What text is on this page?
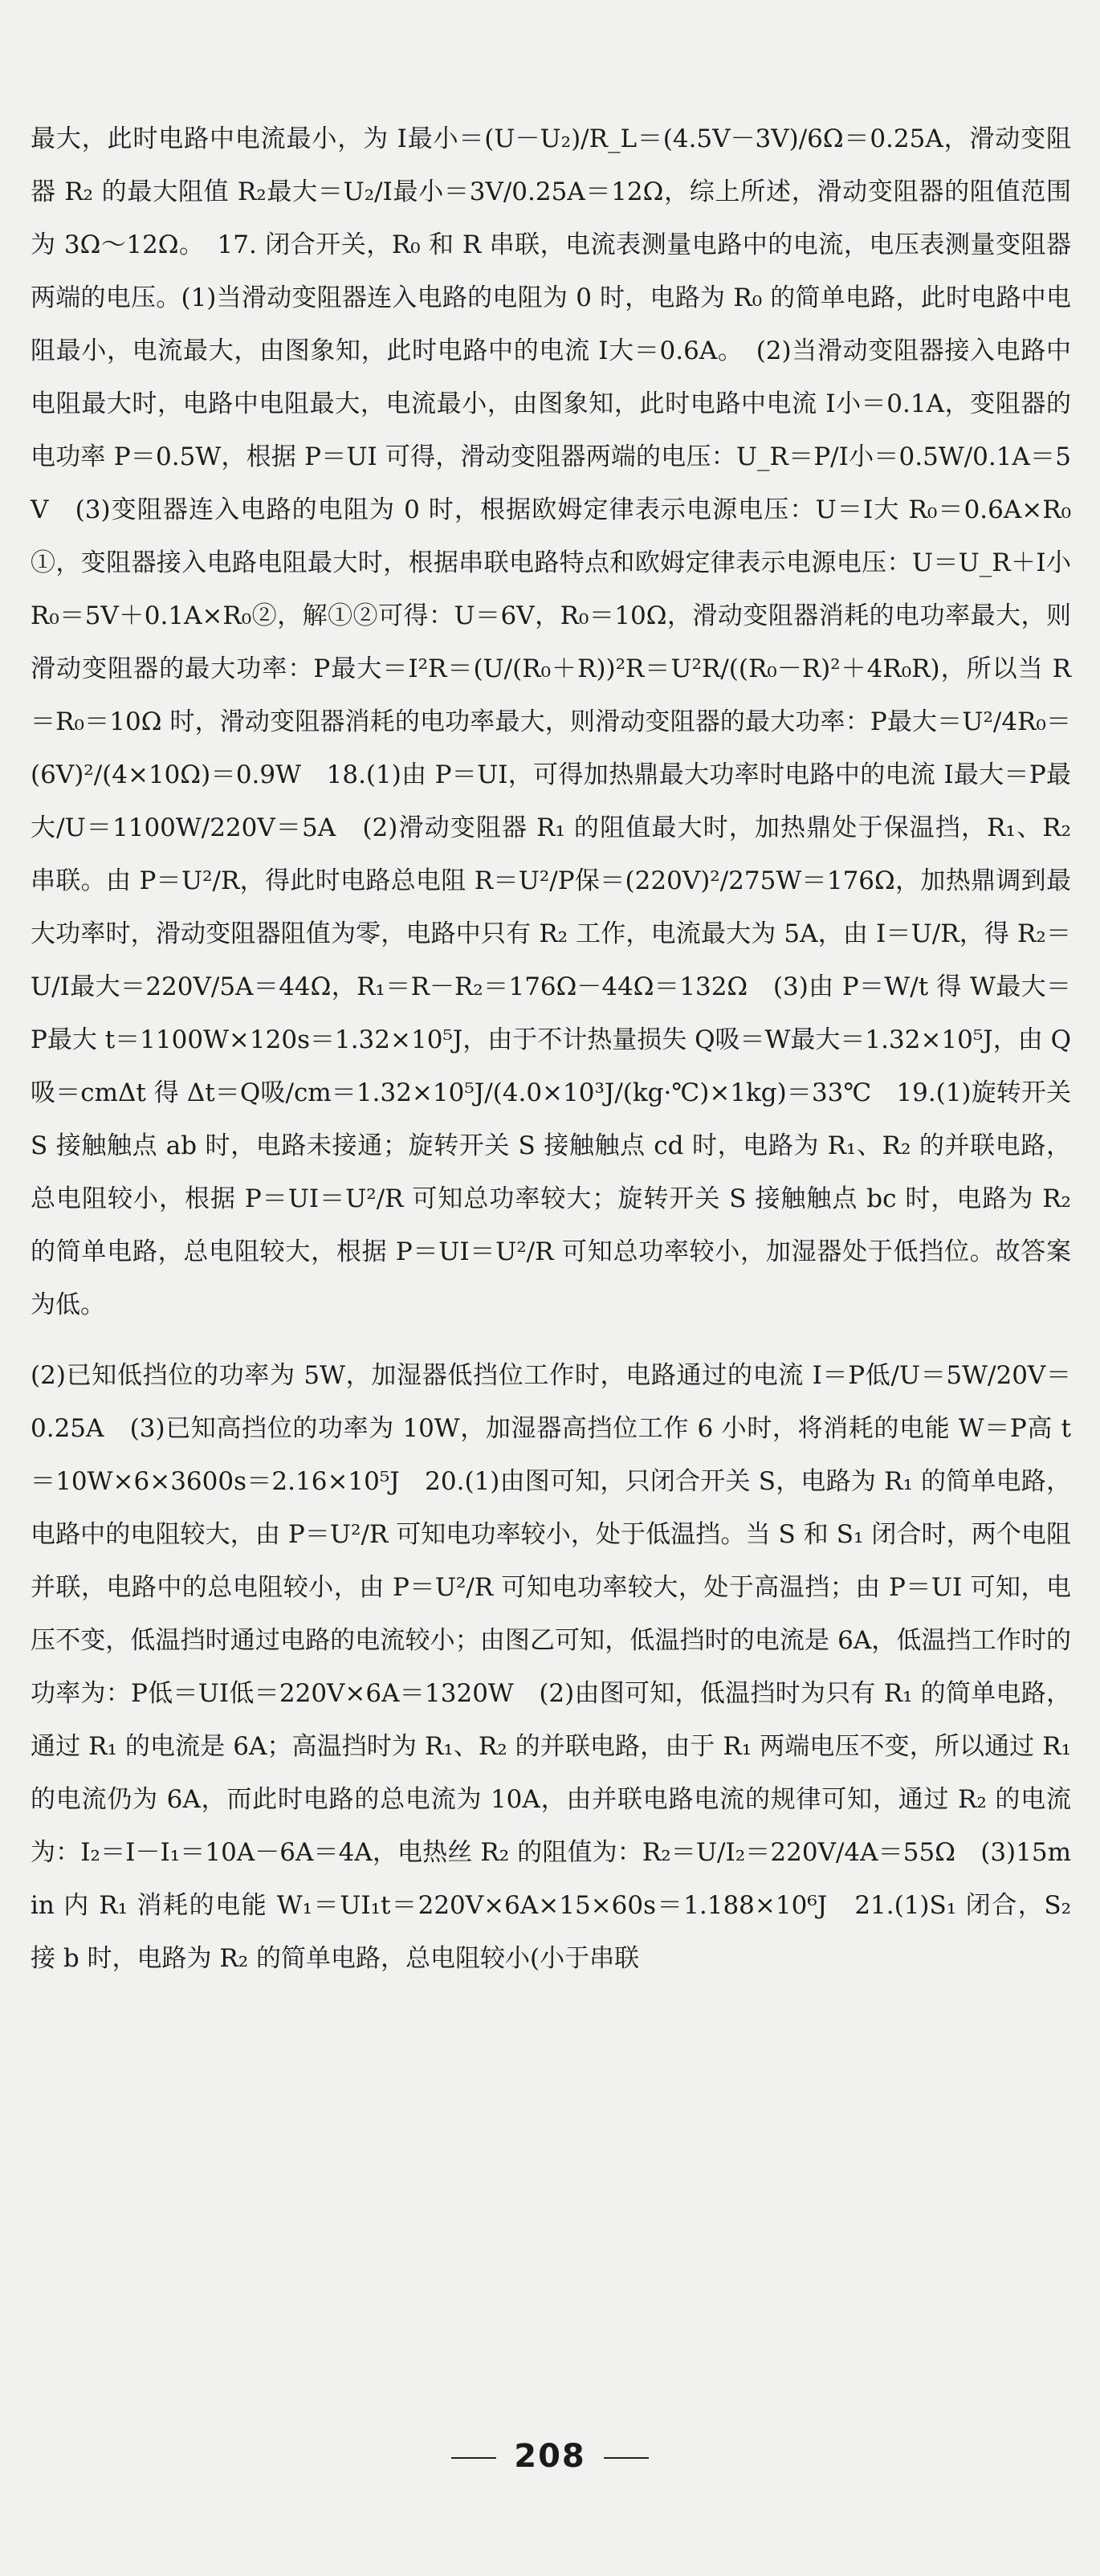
最大，此时电路中电流最小，为 I最小＝(U－U₂)/R_L＝(4.5V－3V)/6Ω＝0.25A，滑动变阻器 R₂ 的最大阻值 R₂最大＝U₂/I最小＝3V/0.25A＝12Ω，综上所述，滑动变阻器的阻值范围为 3Ω～12Ω。　17. 闭合开关，R₀ 和 R 串联，电流表测量电路中的电流，电压表测量变阻器两端的电压。(1)当滑动变阻器连入电路的电阻为 0 时，电路为 R₀ 的简单电路，此时电路中电阻最小，电流最大，由图象知，此时电路中的电流 I大＝0.6A。　(2)当滑动变阻器接入电路中电阻最大时，电路中电阻最大，电流最小，由图象知，此时电路中电流 I小＝0.1A，变阻器的电功率 P＝0.5W，根据 P＝UI 可得，滑动变阻器两端的电压：U_R＝P/I小＝0.5W/0.1A＝5V　(3)变阻器连入电路的电阻为 0 时，根据欧姆定律表示电源电压：U＝I大 R₀＝0.6A×R₀①，变阻器接入电路电阻最大时，根据串联电路特点和欧姆定律表示电源电压：U＝U_R＋I小 R₀＝5V＋0.1A×R₀②，解①②可得：U＝6V，R₀＝10Ω，滑动变阻器消耗的电功率最大，则滑动变阻器的最大功率：P最大＝I²R＝(U/(R₀＋R))²R＝U²R/((R₀－R)²＋4R₀R)，所以当 R＝R₀＝10Ω 时，滑动变阻器消耗的电功率最大，则滑动变阻器的最大功率：P最大＝U²/4R₀＝(6V)²/(4×10Ω)＝0.9W　18.(1)由 P＝UI，可得加热鼎最大功率时电路中的电流 I最大＝P最大/U＝1100W/220V＝5A　(2)滑动变阻器 R₁ 的阻值最大时，加热鼎处于保温挡，R₁、R₂ 串联。由 P＝U²/R，得此时电路总电阻 R＝U²/P保＝(220V)²/275W＝176Ω，加热鼎调到最大功率时，滑动变阻器阻值为零，电路中只有 R₂ 工作，电流最大为 5A，由 I＝U/R，得 R₂＝U/I最大＝220V/5A＝44Ω，R₁＝R－R₂＝176Ω－44Ω＝132Ω　(3)由 P＝W/t 得 W最大＝P最大 t＝1100W×120s＝1.32×10⁵J，由于不计热量损失 Q吸＝W最大＝1.32×10⁵J，由 Q吸＝cmΔt 得 Δt＝Q吸/cm＝1.32×10⁵J/(4.0×10³J/(kg·℃)×1kg)＝33℃　19.(1)旋转开关 S 接触触点 ab 时，电路未接通；旋转开关 S 接触触点 cd 时，电路为 R₁、R₂ 的并联电路，总电阻较小，根据 P＝UI＝U²/R 可知总功率较大；旋转开关 S 接触触点 bc 时，电路为 R₂ 的简单电路，总电阻较大，根据 P＝UI＝U²/R 可知总功率较小，加湿器处于低挡位。故答案为低。

(2)已知低挡位的功率为 5W，加湿器低挡位工作时，电路通过的电流 I＝P低/U＝5W/20V＝0.25A　(3)已知高挡位的功率为 10W，加湿器高挡位工作 6 小时，将消耗的电能 W＝P高 t＝10W×6×3600s＝2.16×10⁵J　20.(1)由图可知，只闭合开关 S，电路为 R₁ 的简单电路，电路中的电阻较大，由 P＝U²/R 可知电功率较小，处于低温挡。当 S 和 S₁ 闭合时，两个电阻并联，电路中的总电阻较小，由 P＝U²/R 可知电功率较大，处于高温挡；由 P＝UI 可知，电压不变，低温挡时通过电路的电流较小；由图乙可知，低温挡时的电流是 6A，低温挡工作时的功率为：P低＝UI低＝220V×6A＝1320W　(2)由图可知，低温挡时为只有 R₁ 的简单电路，通过 R₁ 的电流是 6A；高温挡时为 R₁、R₂ 的并联电路，由于 R₁ 两端电压不变，所以通过 R₁ 的电流仍为 6A，而此时电路的总电流为 10A，由并联电路电流的规律可知，通过 R₂ 的电流为：I₂＝I－I₁＝10A－6A＝4A，电热丝 R₂ 的阻值为：R₂＝U/I₂＝220V/4A＝55Ω　(3)15min 内 R₁ 消耗的电能 W₁＝UI₁t＝220V×6A×15×60s＝1.188×10⁶J　21.(1)S₁ 闭合，S₂ 接 b 时，电路为 R₂ 的简单电路，总电阻较小(小于串联

208
